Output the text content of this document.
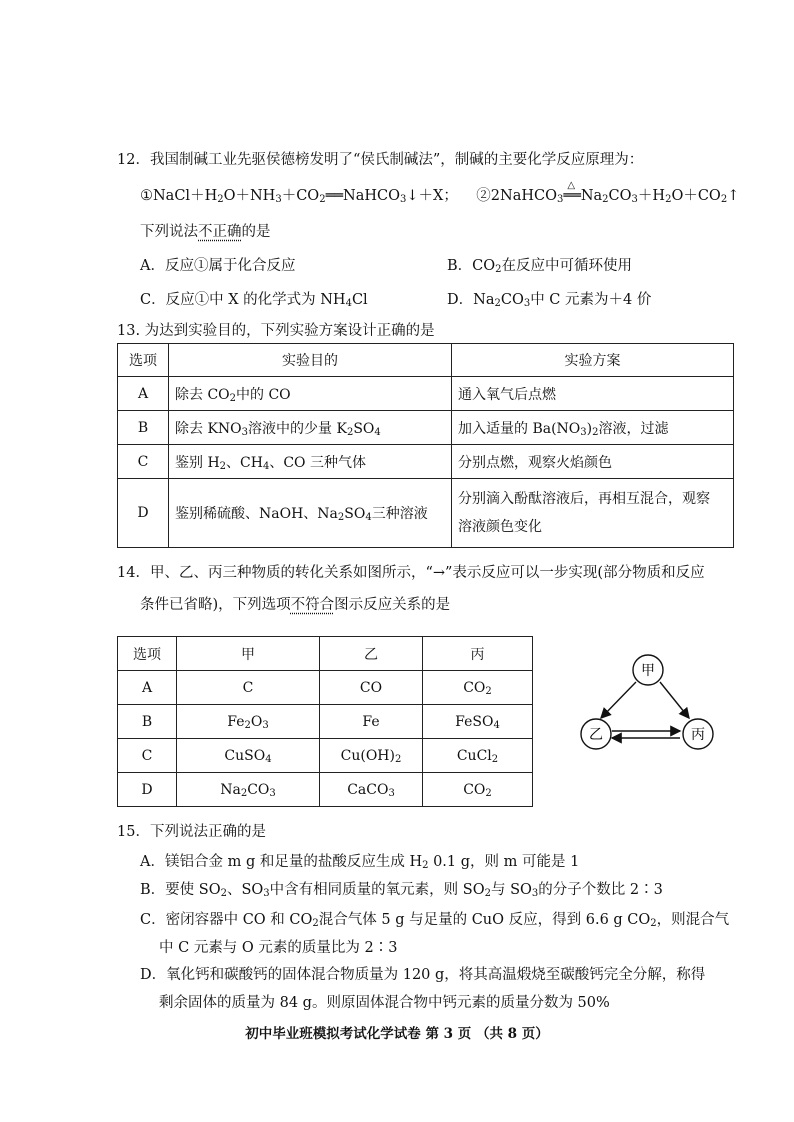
12．我国制碱工业先驱侯德榜发明了“侯氏制碱法”，制碱的主要化学反应原理为：
$①NaCl+H_2O+NH_3+CO_2══NaHCO_3↓+X$； ②2NaHCO$_3$══
△
$Na_2CO_3+H_2O+CO_2↑$
下列说法不正确的是
A．反应①属于化合反应	B．$CO_2$在反应中可循环使用
C．反应①中 X 的化学式为 $NH_4Cl$	D．$Na_2CO_3$中 C 元素为＋4 价
13. 为达到实验目的，下列实验方案设计正确的是
选项	实验目的	实验方案
A	除去 $CO_2$中的 CO	通入氧气后点燃
B	除去 $KNO_3$溶液中的少量 $K_2SO_4$	加入适量的 $Ba(NO_3)_2$溶液，过滤
C	鉴别 $H_2$、$CH_4$、CO 三种气体	分别点燃，观察火焰颜色
D	鉴别稀硫酸、NaOH、$Na_2SO_4$三种溶液	分别滴入酚酞溶液后，再相互混合，观察
溶液颜色变化
14．甲、乙、丙三种物质的转化关系如图所示，“→”表示反应可以一步实现(部分物质和反应
条件已省略)，下列选项不符合图示反应关系的是
选项	甲	乙	丙
A	C	CO	$CO_2$
B	$Fe_2O_3$	Fe	FeSO$_4$
C	CuSO$_4$	$Cu(OH)_2$	CuCl$_2$
D	$Na_2CO_3$	CaCO$_3$	$CO_2$
甲
乙	丙
15．下列说法正确的是
A．镁铝合金 m g 和足量的盐酸反应生成 $H_2$ 0.1 g，则 m 可能是 1
B．要使 $SO_2$、$SO_3$中含有相同质量的氧元素，则 $SO_2$与 $SO_3$的分子个数比 2∶3
C．密闭容器中 CO 和 $CO_2$混合气体 5 g 与足量的 CuO 反应，得到 6.6 g $CO_2$，则混合气
中 C 元素与 O 元素的质量比为 2∶3
D．氧化钙和碳酸钙的固体混合物质量为 120 g，将其高温煅烧至碳酸钙完全分解，称得
剩余固体的质量为 84 g。则原固体混合物中钙元素的质量分数为 50%
初中毕业班模拟考试化学试卷 第 3 页 （共 8 页）
